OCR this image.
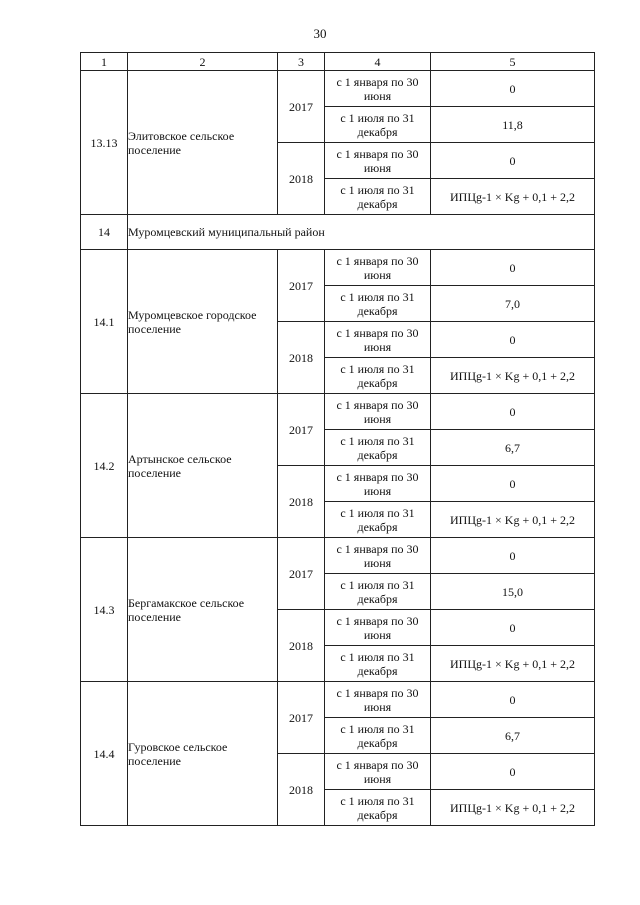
30
1	2	3	4	5
13.13	Элитовское сельское поселение	2017	с 1 января по 30 июня	0
			с 1 июля по 31 декабря	11,8
		2018	с 1 января по 30 июня	0
			с 1 июля по 31 декабря	ИПЦg-1 × Kg + 0,1 + 2,2
14	Муромцевский муниципальный район			
14.1	Муромцевское городское поселение	2017	с 1 января по 30 июня	0
			с 1 июля по 31 декабря	7,0
		2018	с 1 января по 30 июня	0
			с 1 июля по 31 декабря	ИПЦg-1 × Kg + 0,1 + 2,2
14.2	Артынское сельское поселение	2017	с 1 января по 30 июня	0
			с 1 июля по 31 декабря	6,7
		2018	с 1 января по 30 июня	0
			с 1 июля по 31 декабря	ИПЦg-1 × Kg + 0,1 + 2,2
14.3	Бергамакское сельское поселение	2017	с 1 января по 30 июня	0
			с 1 июля по 31 декабря	15,0
		2018	с 1 января по 30 июня	0
			с 1 июля по 31 декабря	ИПЦg-1 × Kg + 0,1 + 2,2
14.4	Гуровское сельское поселение	2017	с 1 января по 30 июня	0
			с 1 июля по 31 декабря	6,7
		2018	с 1 января по 30 июня	0
			с 1 июля по 31 декабря	ИПЦg-1 × Kg + 0,1 + 2,2
